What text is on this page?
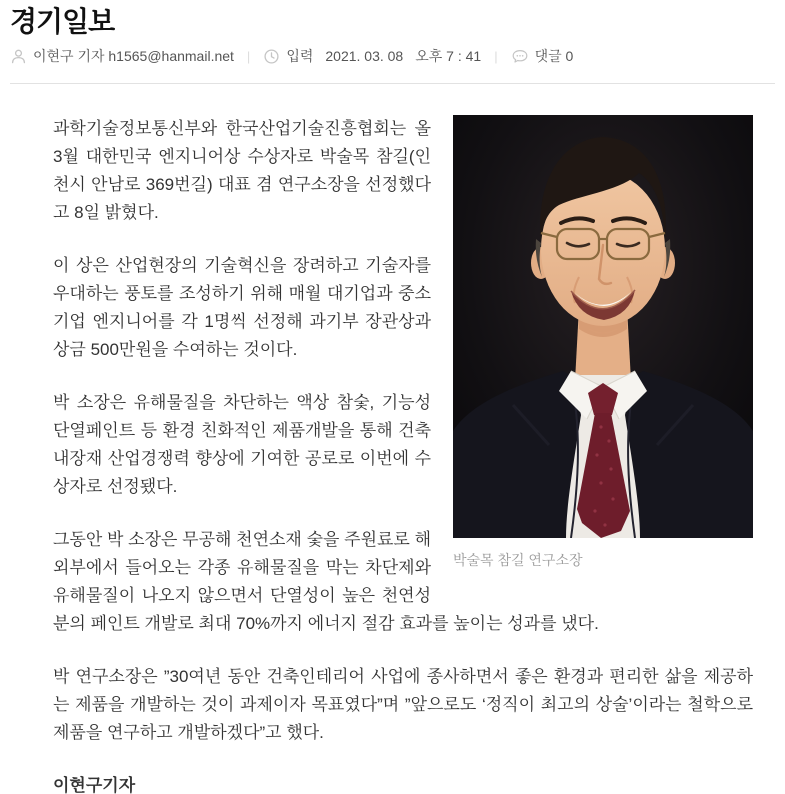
경기일보
이현구 기자 h1565@hanmail.net |	입력 2021. 03. 08 오후 7 : 41 |	댓글 0
박술목 참길 연구소장

과학기술정보통신부와 한국산업기술진흥협회는 올 3월 대한민국 엔지니어상 수상자로 박술목 참길(인천시 안남로 369번길) 대표 겸 연구소장을 선정했다고 8일 밝혔다.

이 상은 산업현장의 기술혁신을 장려하고 기술자를 우대하는 풍토를 조성하기 위해 매월 대기업과 중소기업 엔지니어를 각 1명씩 선정해 과기부 장관상과 상금 500만원을 수여하는 것이다.

박 소장은 유해물질을 차단하는 액상 참숯, 기능성 단열페인트 등 환경 친화적인 제품개발을 통해 건축 내장재 산업경쟁력 향상에 기여한 공로로 이번에 수상자로 선정됐다.

그동안 박 소장은 무공해 천연소재 숯을 주원료로 해 외부에서 들어오는 각종 유해물질을 막는 차단제와 유해물질이 나오지 않으면서 단열성이 높은 천연성분의 페인트 개발로 최대 70%까지 에너지 절감 효과를 높이는 성과를 냈다.

박 연구소장은 ”30여년 동안 건축인테리어 사업에 종사하면서 좋은 환경과 편리한 삶을 제공하는 제품을 개발하는 것이 과제이자 목표였다”며 ”앞으로도 ‘정직이 최고의 상술’이라는 철학으로 제품을 연구하고 개발하겠다”고 했다.

이현구기자
